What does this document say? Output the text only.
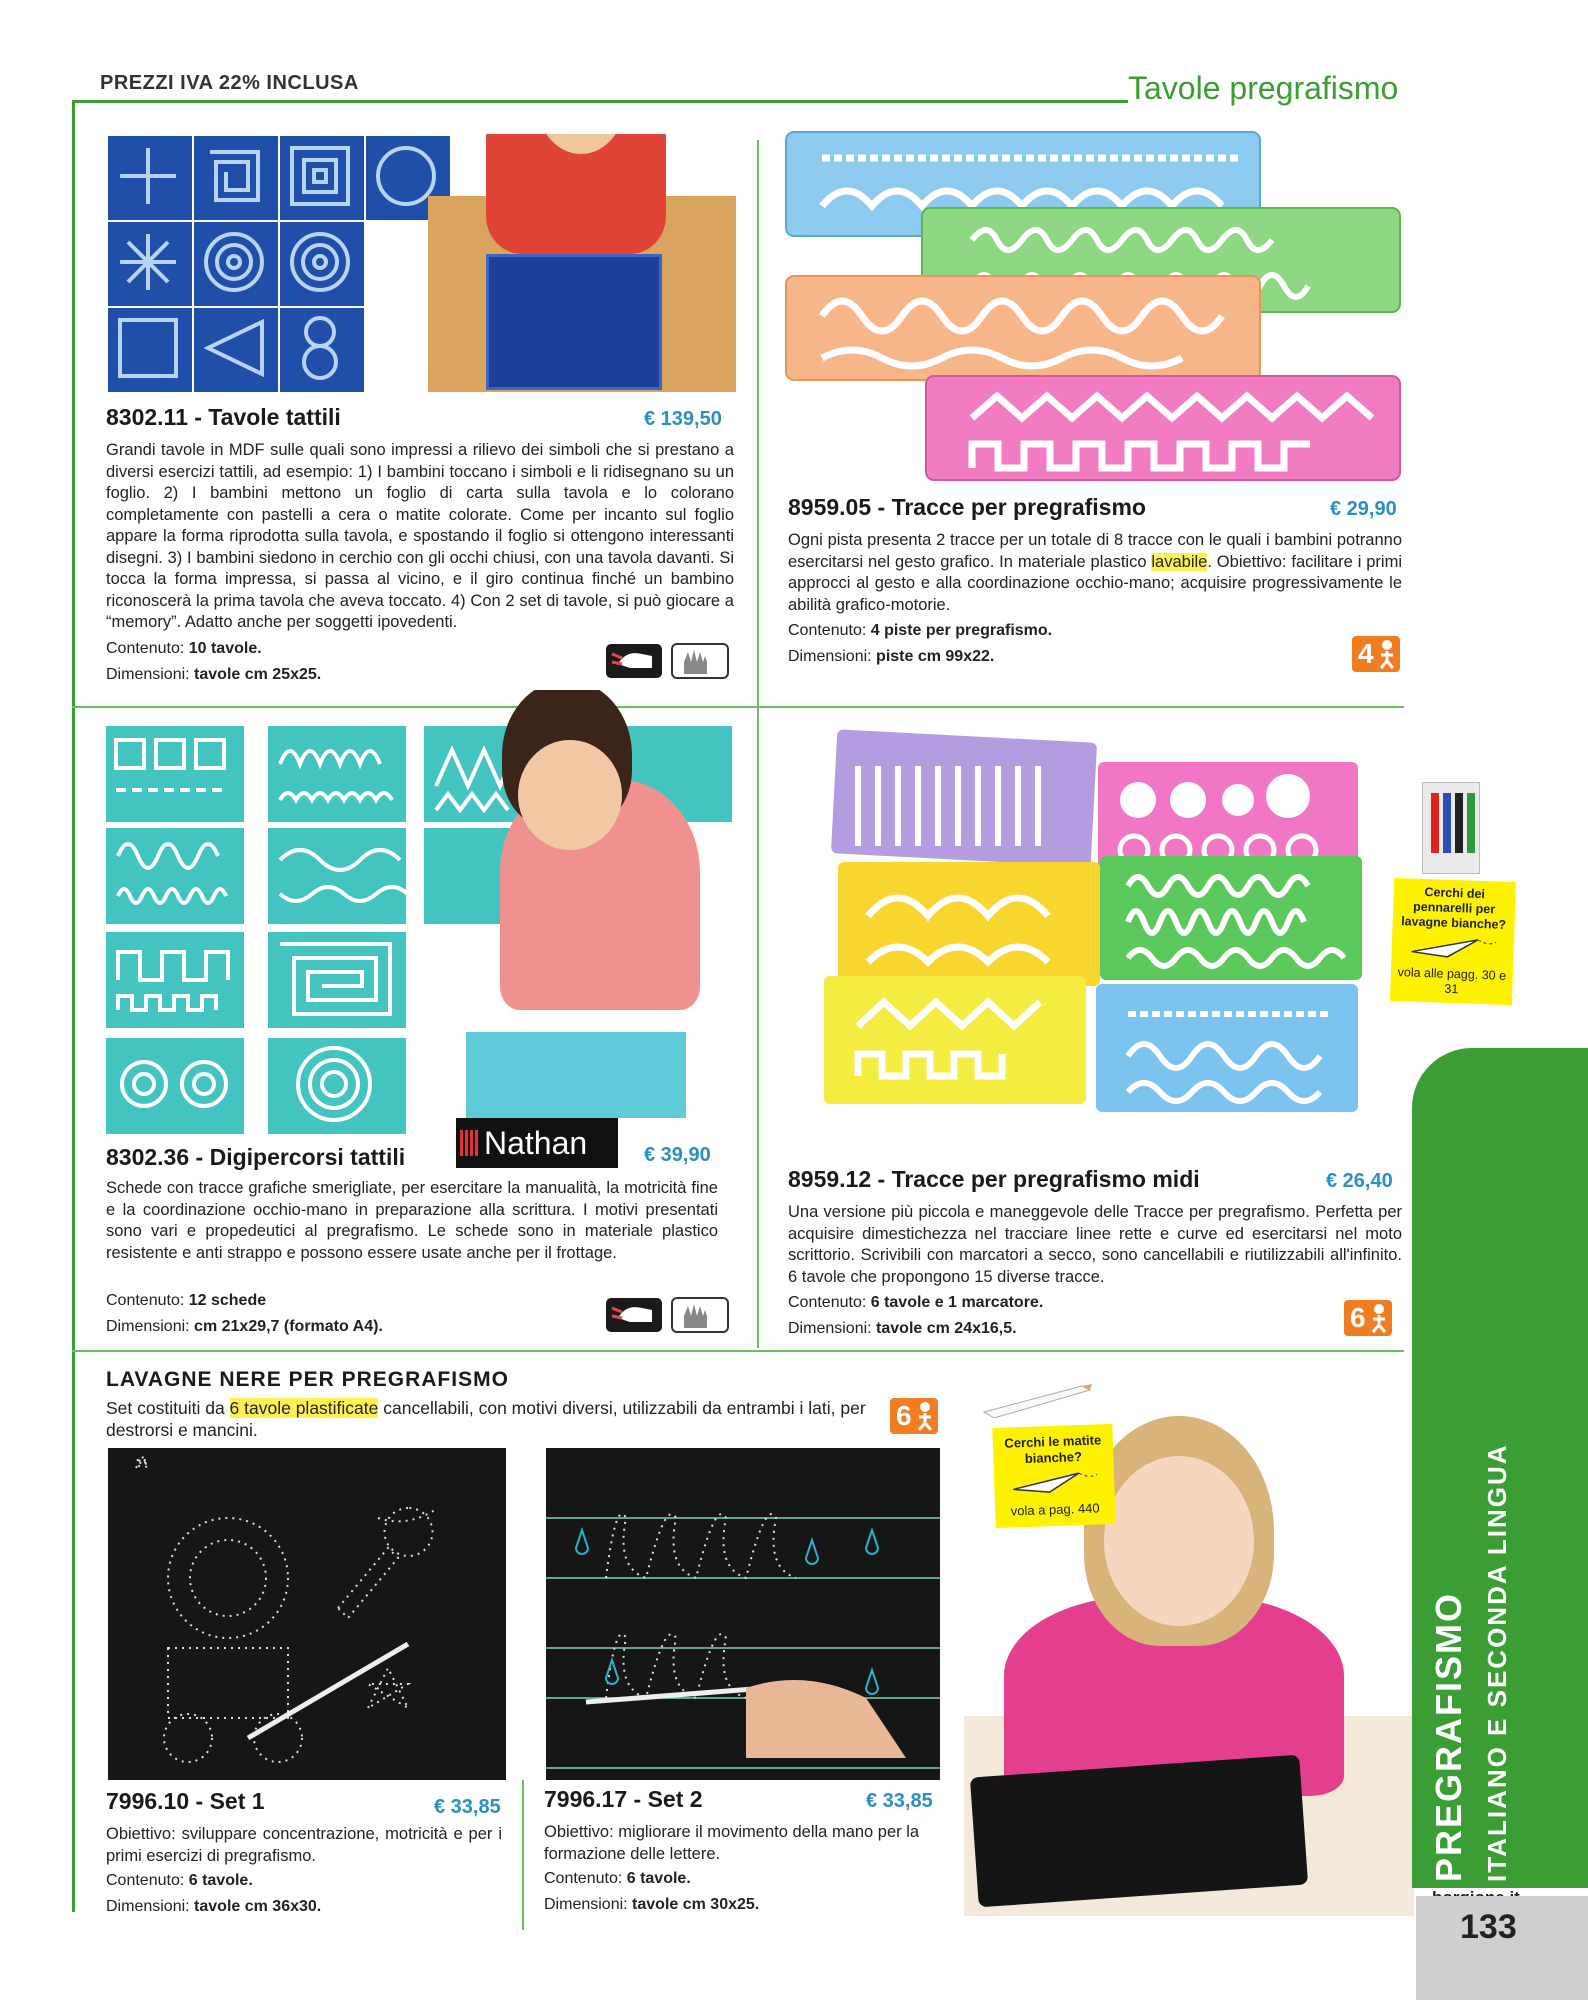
PREZZI IVA 22% INCLUSA	Tavole pregrafismo
8302.11 - Tavole tattili	€ 139,50
Grandi tavole in MDF sulle quali sono impressi a rilievo dei simboli che si prestano a diversi esercizi tattili, ad esempio: 1) I bambini toccano i simboli e li ridisegnano su un foglio. 2) I bambini mettono un foglio di carta sulla tavola e lo colorano completamente con pastelli a cera o matite colorate. Come per incanto sul foglio appare la forma riprodotta sulla tavola, e spostando il foglio si ottengono interessanti disegni. 3) I bambini siedono in cerchio con gli occhi chiusi, con una tavola davanti. Si tocca la forma impressa, si passa al vicino, e il giro continua finché un bambino riconoscerà la prima tavola che aveva toccato. 4) Con 2 set di tavole, si può giocare a “memory”. Adatto anche per soggetti ipovedenti.
Contenuto: 10 tavole.
Dimensioni: tavole cm 25x25.
8959.05 - Tracce per pregrafismo	€ 29,90
Ogni pista presenta 2 tracce per un totale di 8 tracce con le quali i bambini potranno esercitarsi nel gesto grafico. In materiale plastico lavabile. Obiettivo: facilitare i primi approcci al gesto e alla coordinazione occhio-mano; acquisire progressivamente le abilità grafico-motorie.
Contenuto: 4 piste per pregrafismo.
Dimensioni: piste cm 99x22.	4
8302.36 - Digipercorsi tattili	Nathan	€ 39,90
Schede con tracce grafiche smerigliate, per esercitare la manualità, la motricità fine e la coordinazione occhio-mano in preparazione alla scrittura. I motivi presentati sono vari e propedeutici al pregrafismo. Le schede sono in materiale plastico resistente e anti strappo e possono essere usate anche per il frottage.
Contenuto: 12 schede
Dimensioni: cm 21x29,7 (formato A4).
Cerchi dei pennarelli per lavagne bianche?
vola alle pagg. 30 e 31
8959.12 - Tracce per pregrafismo midi	€ 26,40
Una versione più piccola e maneggevole delle Tracce per pregrafismo. Perfetta per acquisire dimestichezza nel tracciare linee rette e curve ed esercitarsi nel moto scrittorio. Scrivibili con marcatori a secco, sono cancellabili e riutilizzabili all'infinito. 6 tavole che propongono 15 diverse tracce.
Contenuto: 6 tavole e 1 marcatore.
Dimensioni: tavole cm 24x16,5.	6
LAVAGNE NERE PER PREGRAFISMO
Set costituiti da 6 tavole plastificate cancellabili, con motivi diversi, utilizzabili da entrambi i lati, per destrorsi e mancini.	6
Cerchi le matite bianche?
vola a pag. 440
7996.10 - Set 1	€ 33,85
Obiettivo: sviluppare concentrazione, motricità e per i primi esercizi di pregrafismo.
Contenuto: 6 tavole.
Dimensioni: tavole cm 36x30.
7996.17 - Set 2	€ 33,85
Obiettivo: migliorare il movimento della mano per la formazione delle lettere.
Contenuto: 6 tavole.
Dimensioni: tavole cm 30x25.
PREGRAFISMO ITALIANO E SECONDA LINGUA
133
